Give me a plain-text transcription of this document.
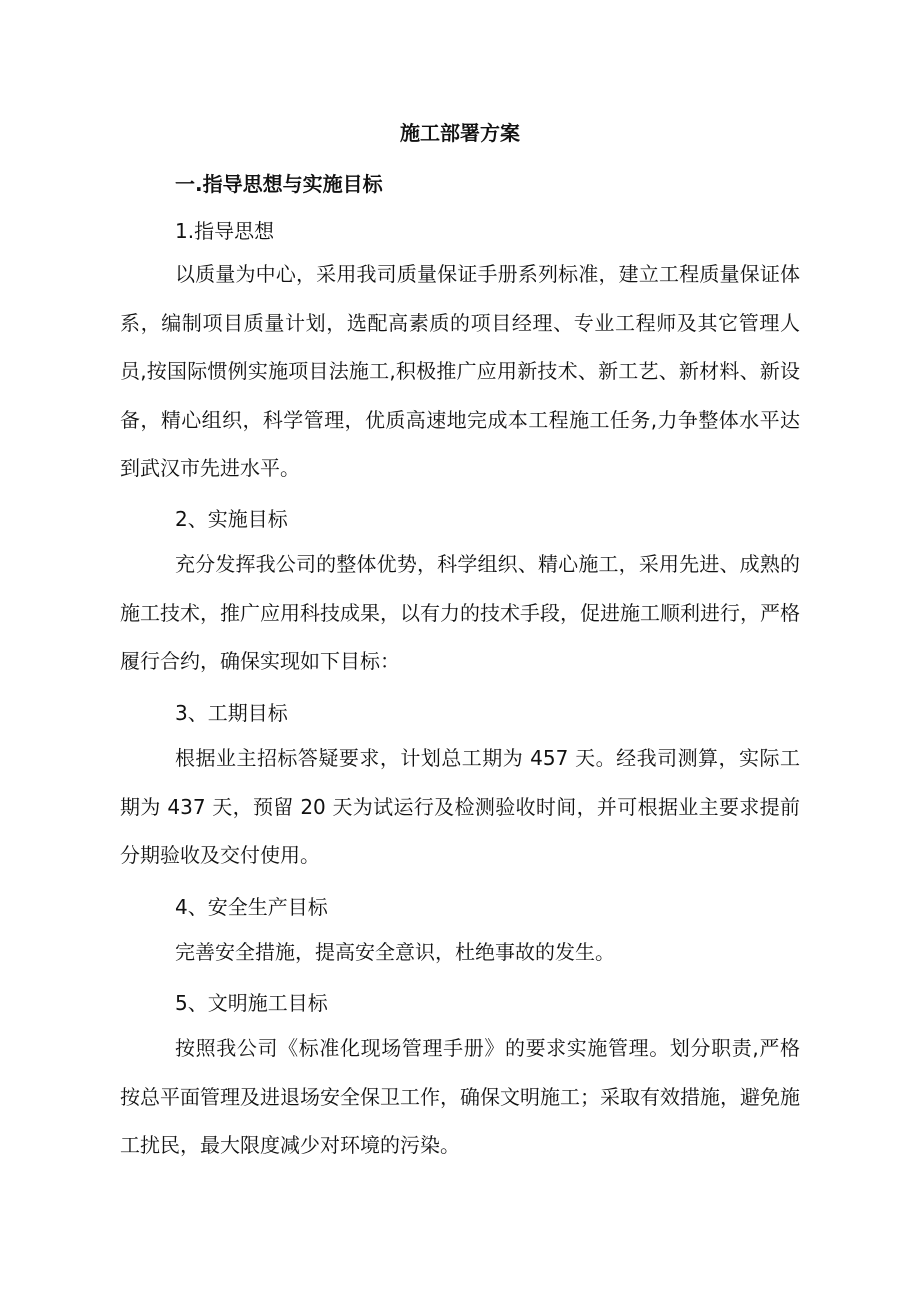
施工部署方案
一.指导思想与实施目标
1.指导思想
以质量为中心，采用我司质量保证手册系列标准，建立工程质量保证体系，编制项目质量计划，选配高素质的项目经理、专业工程师及其它管理人员,按国际惯例实施项目法施工,积极推广应用新技术、新工艺、新材料、新设备，精心组织，科学管理，优质高速地完成本工程施工任务,力争整体水平达到武汉市先进水平。
2、实施目标
充分发挥我公司的整体优势，科学组织、精心施工，采用先进、成熟的施工技术，推广应用科技成果，以有力的技术手段，促进施工顺利进行，严格履行合约，确保实现如下目标：
3、工期目标
根据业主招标答疑要求，计划总工期为 457 天。经我司测算，实际工期为 437 天，预留 20 天为试运行及检测验收时间，并可根据业主要求提前分期验收及交付使用。
4、安全生产目标
完善安全措施，提高安全意识，杜绝事故的发生。
5、文明施工目标
按照我公司《标准化现场管理手册》的要求实施管理。划分职责,严格按总平面管理及进退场安全保卫工作，确保文明施工；采取有效措施，避免施工扰民，最大限度减少对环境的污染。
